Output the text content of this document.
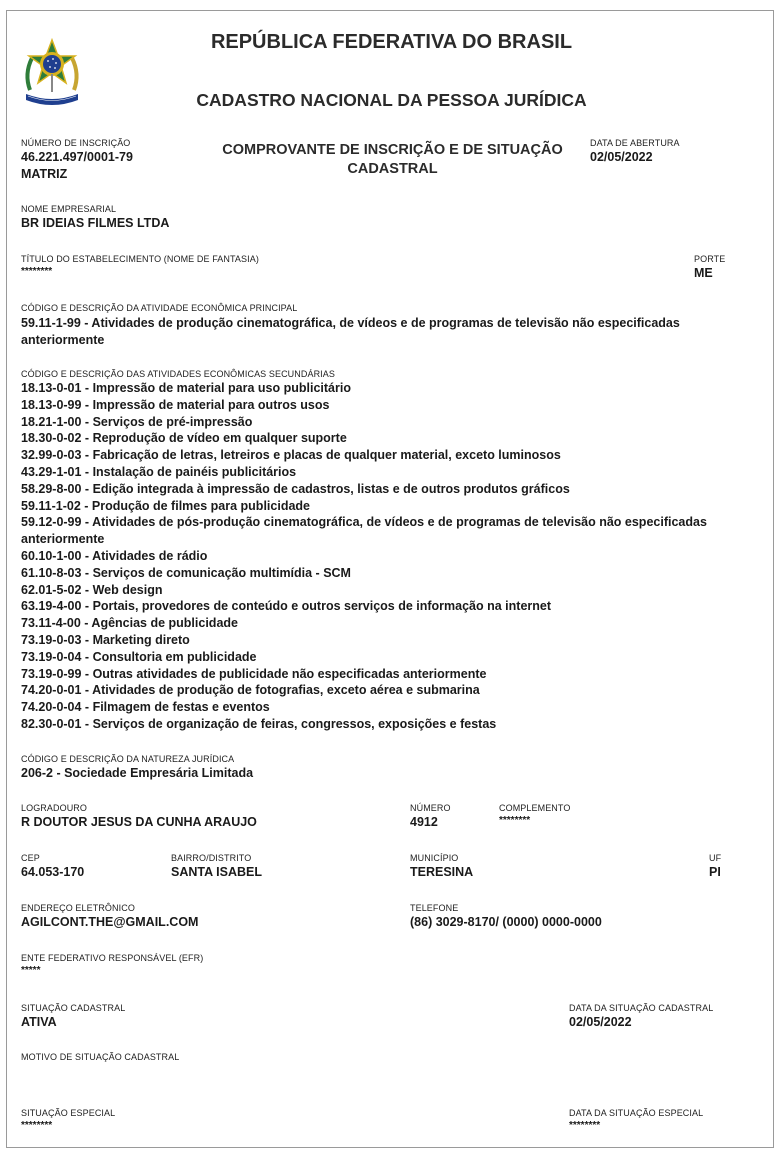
REPÚBLICA FEDERATIVA DO BRASIL
CADASTRO NACIONAL DA PESSOA JURÍDICA
NÚMERO DE INSCRIÇÃO
46.221.497/0001-79
MATRIZ
COMPROVANTE DE INSCRIÇÃO E DE SITUAÇÃO
CADASTRAL
DATA DE ABERTURA
02/05/2022
NOME EMPRESARIAL
BR IDEIAS FILMES LTDA
TÍTULO DO ESTABELECIMENTO (NOME DE FANTASIA)
********
PORTE
ME
CÓDIGO E DESCRIÇÃO DA ATIVIDADE ECONÔMICA PRINCIPAL
59.11-1-99 - Atividades de produção cinematográfica, de vídeos e de programas de televisão não especificadas anteriormente
CÓDIGO E DESCRIÇÃO DAS ATIVIDADES ECONÔMICAS SECUNDÁRIAS
18.13-0-01 - Impressão de material para uso publicitário
18.13-0-99 - Impressão de material para outros usos
18.21-1-00 - Serviços de pré-impressão
18.30-0-02 - Reprodução de vídeo em qualquer suporte
32.99-0-03 - Fabricação de letras, letreiros e placas de qualquer material, exceto luminosos
43.29-1-01 - Instalação de painéis publicitários
58.29-8-00 - Edição integrada à impressão de cadastros, listas e de outros produtos gráficos
59.11-1-02 - Produção de filmes para publicidade
59.12-0-99 - Atividades de pós-produção cinematográfica, de vídeos e de programas de televisão não especificadas anteriormente
60.10-1-00 - Atividades de rádio
61.10-8-03 - Serviços de comunicação multimídia - SCM
62.01-5-02 - Web design
63.19-4-00 - Portais, provedores de conteúdo e outros serviços de informação na internet
73.11-4-00 - Agências de publicidade
73.19-0-03 - Marketing direto
73.19-0-04 - Consultoria em publicidade
73.19-0-99 - Outras atividades de publicidade não especificadas anteriormente
74.20-0-01 - Atividades de produção de fotografias, exceto aérea e submarina
74.20-0-04 - Filmagem de festas e eventos
82.30-0-01 - Serviços de organização de feiras, congressos, exposições e festas
CÓDIGO E DESCRIÇÃO DA NATUREZA JURÍDICA
206-2 - Sociedade Empresária Limitada
LOGRADOURO
R DOUTOR JESUS DA CUNHA ARAUJO
NÚMERO
4912
COMPLEMENTO
********
CEP
64.053-170
BAIRRO/DISTRITO
SANTA ISABEL
MUNICÍPIO
TERESINA
UF
PI
ENDEREÇO ELETRÔNICO
AGILCONT.THE@GMAIL.COM
TELEFONE
(86) 3029-8170/ (0000) 0000-0000
ENTE FEDERATIVO RESPONSÁVEL (EFR)
*****
SITUAÇÃO CADASTRAL
ATIVA
DATA DA SITUAÇÃO CADASTRAL
02/05/2022
MOTIVO DE SITUAÇÃO CADASTRAL
SITUAÇÃO ESPECIAL
********
DATA DA SITUAÇÃO ESPECIAL
********
